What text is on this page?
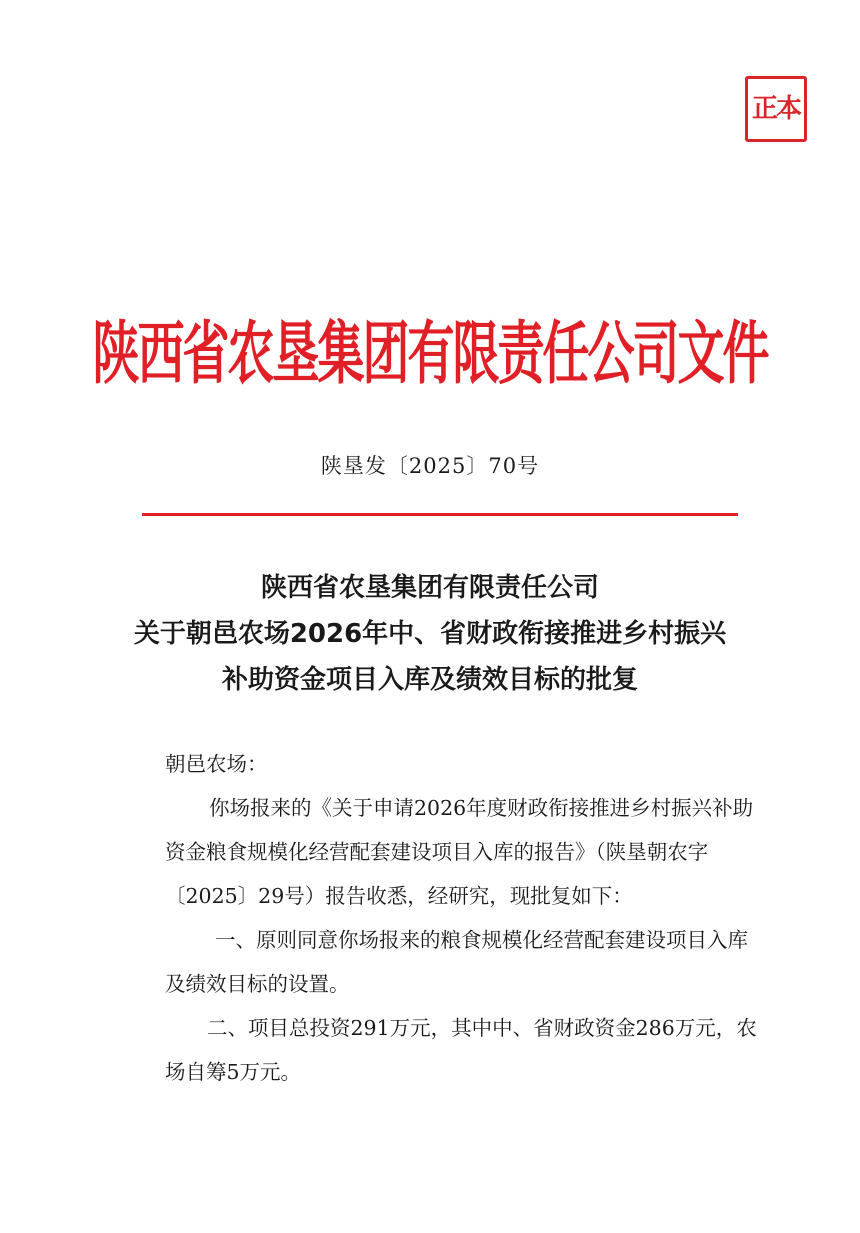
正本
陕西省农垦集团有限责任公司文件
陕垦发〔2025〕70号
陕西省农垦集团有限责任公司
关于朝邑农场2026年中、省财政衔接推进乡村振兴
补助资金项目入库及绩效目标的批复

朝邑农场：

你场报来的《关于申请2026年度财政衔接推进乡村振兴补助资金粮食规模化经营配套建设项目入库的报告》（陕垦朝农字〔2025〕29号）报告收悉，经研究，现批复如下：

一、原则同意你场报来的粮食规模化经营配套建设项目入库及绩效目标的设置。

二、项目总投资291万元，其中中、省财政资金286万元，农场自筹5万元。
